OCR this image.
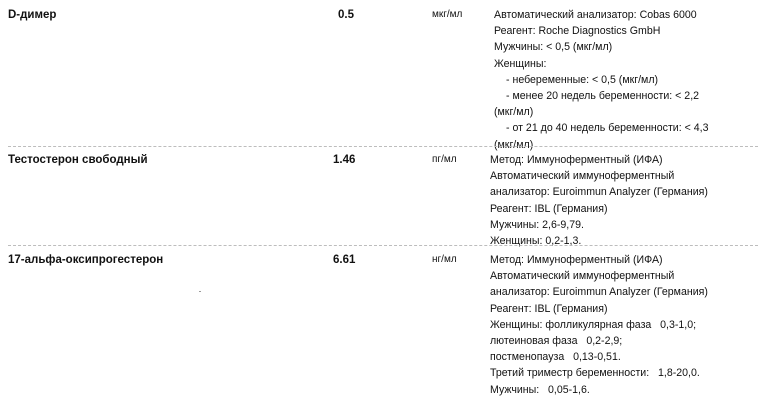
D-димер	0.5	мкг/мл	Автоматический анализатор: Cobas 6000
Реагент: Roche Diagnostics GmbH
Мужчины: < 0,5 (мкг/мл)
Женщины:
- небеременные: < 0,5 (мкг/мл)
- менее 20 недель беременности: < 2,2
(мкг/мл)
- от 21 до 40 недель беременности: < 4,3
(мкг/мл)
Тестостерон свободный	1.46	пг/мл	Метод: Иммуноферментный (ИФА)
Автоматический иммуноферментный
анализатор: Euroimmun Analyzer (Германия)
Реагент: IBL (Германия)
Мужчины: 2,6-9,79.
Женщины: 0,2-1,3.
17-альфа-оксипрогестерон	6.61	нг/мл	Метод: Иммуноферментный (ИФА)
Автоматический иммуноферментный
анализатор: Euroimmun Analyzer (Германия)
Реагент: IBL (Германия)
Женщины: фолликулярная фаза   0,3-1,0;
лютеиновая фаза   0,2-2,9;
постменопауза   0,13-0,51.
Третий триместр беременности:   1,8-20,0.
Мужчины:   0,05-1,6.
